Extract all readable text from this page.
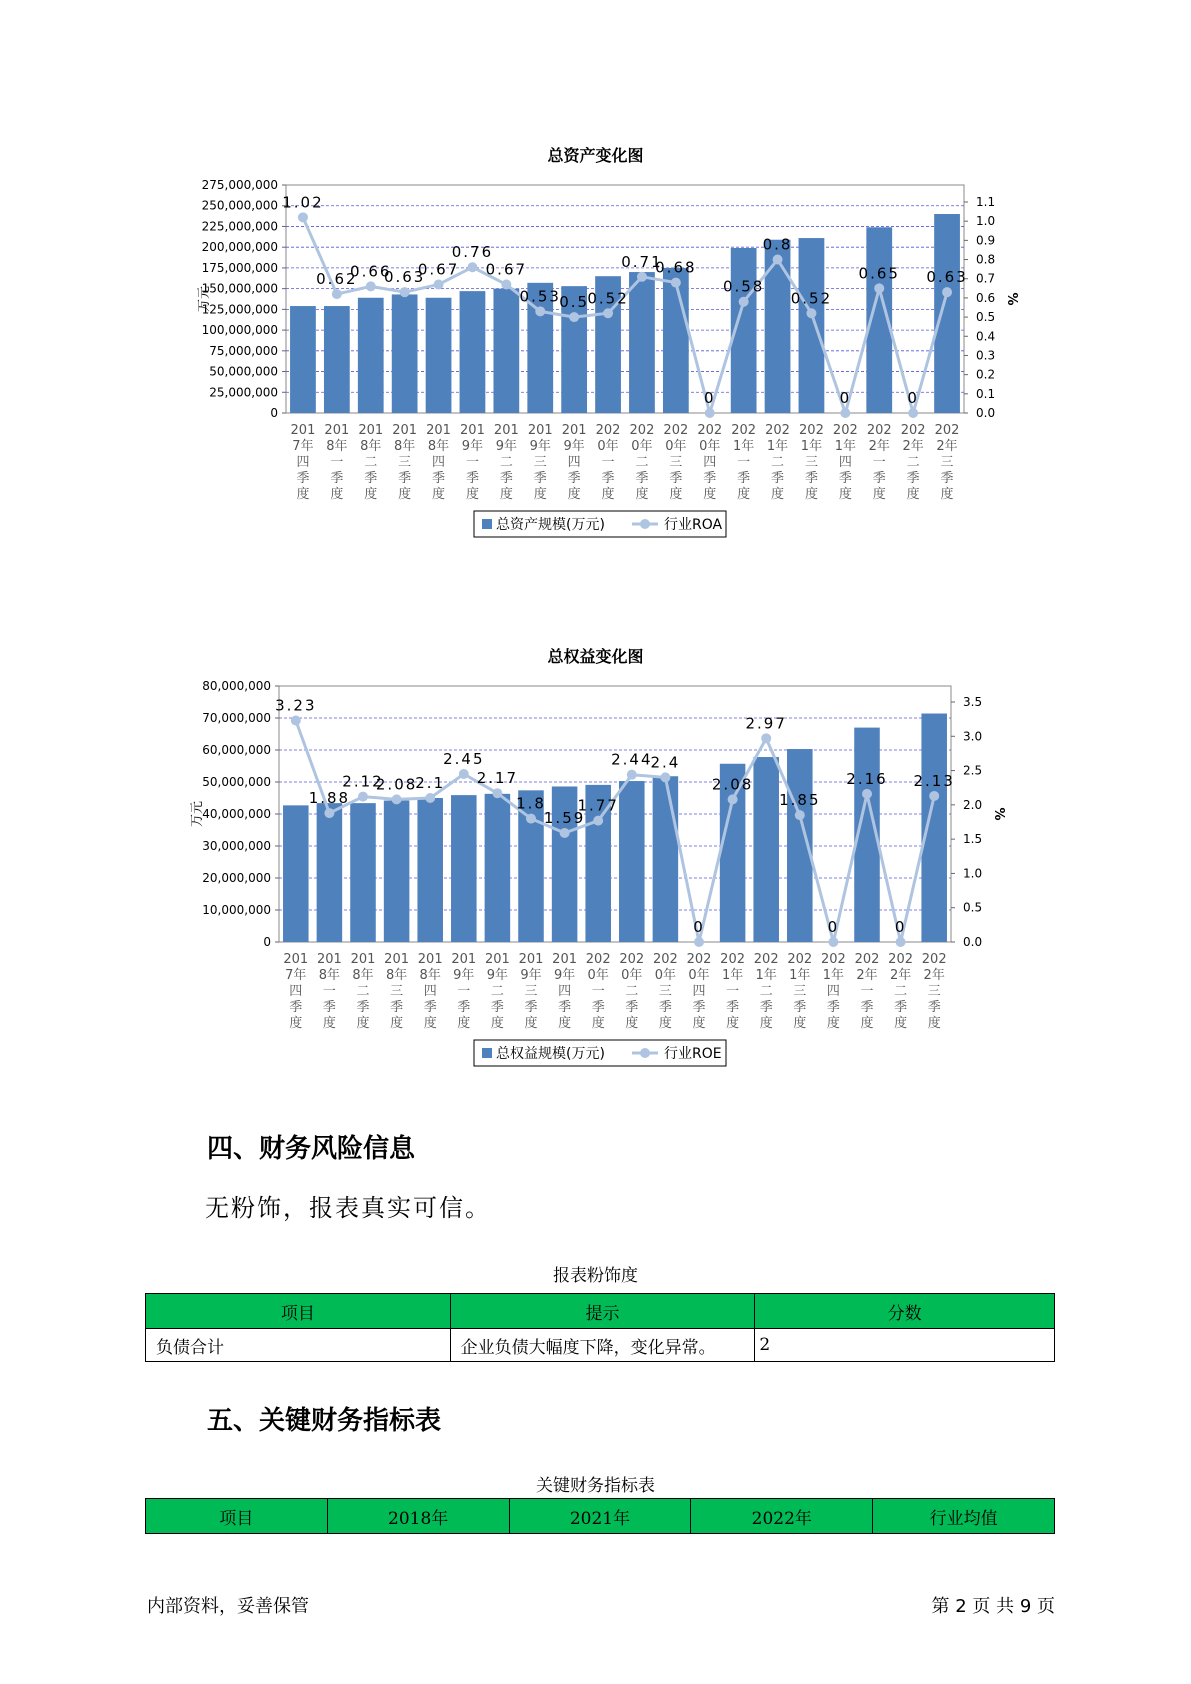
总资产变化图
275,000,000
250,000,000
225,000,000
200,000,000
175,000,000
150,000,000
125,000,000
100,000,000
75,000,000
50,000,000
25,000,000
0
1.1
1.0
0.9
0.8
0.7
0.6
0.5
0.4
0.3
0.2
0.1
0.0
万元	%
1.02
0.62
0.66
0.63
0.67
0.76
0.67
0.53
0.5
0.52
0.71
0.68
0
0.58
0.8
0.52
0
0.65
0
0.63
201
7年
四
季
度
201
8年
一
季
度
201
8年
二
季
度
201
8年
三
季
度
201
8年
四
季
度
201
9年
一
季
度
201
9年
二
季
度
201
9年
三
季
度
201
9年
四
季
度
202
0年
一
季
度
202
0年
二
季
度
202
0年
三
季
度
202
0年
四
季
度
202
1年
一
季
度
202
1年
二
季
度
202
1年
三
季
度
202
1年
四
季
度
202
2年
一
季
度
202
2年
二
季
度
202
2年
三
季
度
总资产规模(万元)	行业ROA
总权益变化图
80,000,000
70,000,000
60,000,000
50,000,000
40,000,000
30,000,000
20,000,000
10,000,000
0
3.5
3.0
2.5
2.0
1.5
1.0
0.5
0.0
万元	%
3.23
1.88
2.12
2.08
2.1
2.45
2.17
1.8
1.59
1.77
2.44
2.4
0
2.08
2.97
1.85
0
2.16
0
2.13
201
7年
四
季
度
201
8年
一
季
度
201
8年
二
季
度
201
8年
三
季
度
201
8年
四
季
度
201
9年
一
季
度
201
9年
二
季
度
201
9年
三
季
度
201
9年
四
季
度
202
0年
一
季
度
202
0年
二
季
度
202
0年
三
季
度
202
0年
四
季
度
202
1年
一
季
度
202
1年
二
季
度
202
1年
三
季
度
202
1年
四
季
度
202
2年
一
季
度
202
2年
二
季
度
202
2年
三
季
度
总权益规模(万元)	行业ROE
四、财务风险信息
无粉饰，报表真实可信。
报表粉饰度
项目	提示	分数
负债合计	企业负债大幅度下降，变化异常。	2
五、关键财务指标表
关键财务指标表
项目	2018年	2021年	2022年	行业均值
内部资料，妥善保管	第 2 页 共 9 页
